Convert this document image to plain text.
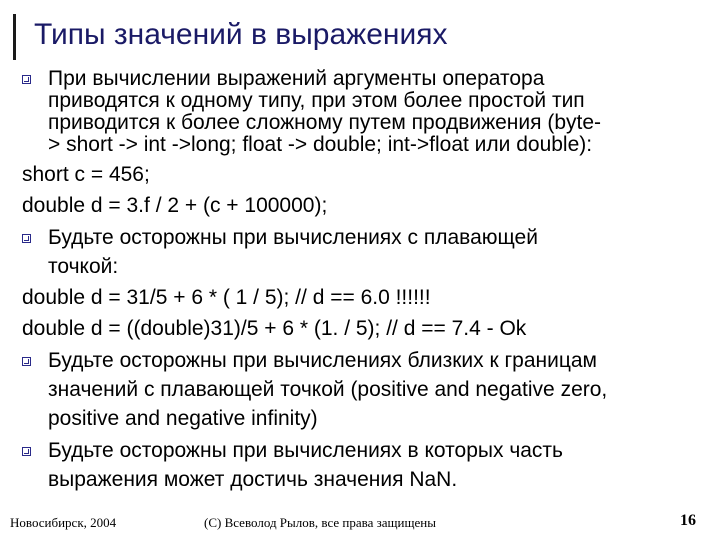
Типы значений в выражениях
При вычислении выражений аргументы оператора
приводятся к одному типу, при этом более простой тип
приводится к более сложному путем продвижения (byte-
> short -> int ->long; float -> double; int->float или double):
short c = 456;
double d = 3.f / 2 + (c + 100000);
Будьте осторожны при вычислениях с плавающей
точкой:
double d = 31/5 + 6 * ( 1 / 5); // d == 6.0 !!!!!!
double d = ((double)31)/5 + 6 * (1. / 5); // d == 7.4 - Ok
Будьте осторожны при вычислениях близких к границам
значений с плавающей точкой (positive and negative zero,
positive and negative infinity)
Будьте осторожны при вычислениях в которых часть
выражения может достичь значения NaN.
Новосибирск, 2004	(С) Всеволод Рылов, все права защищены	16
